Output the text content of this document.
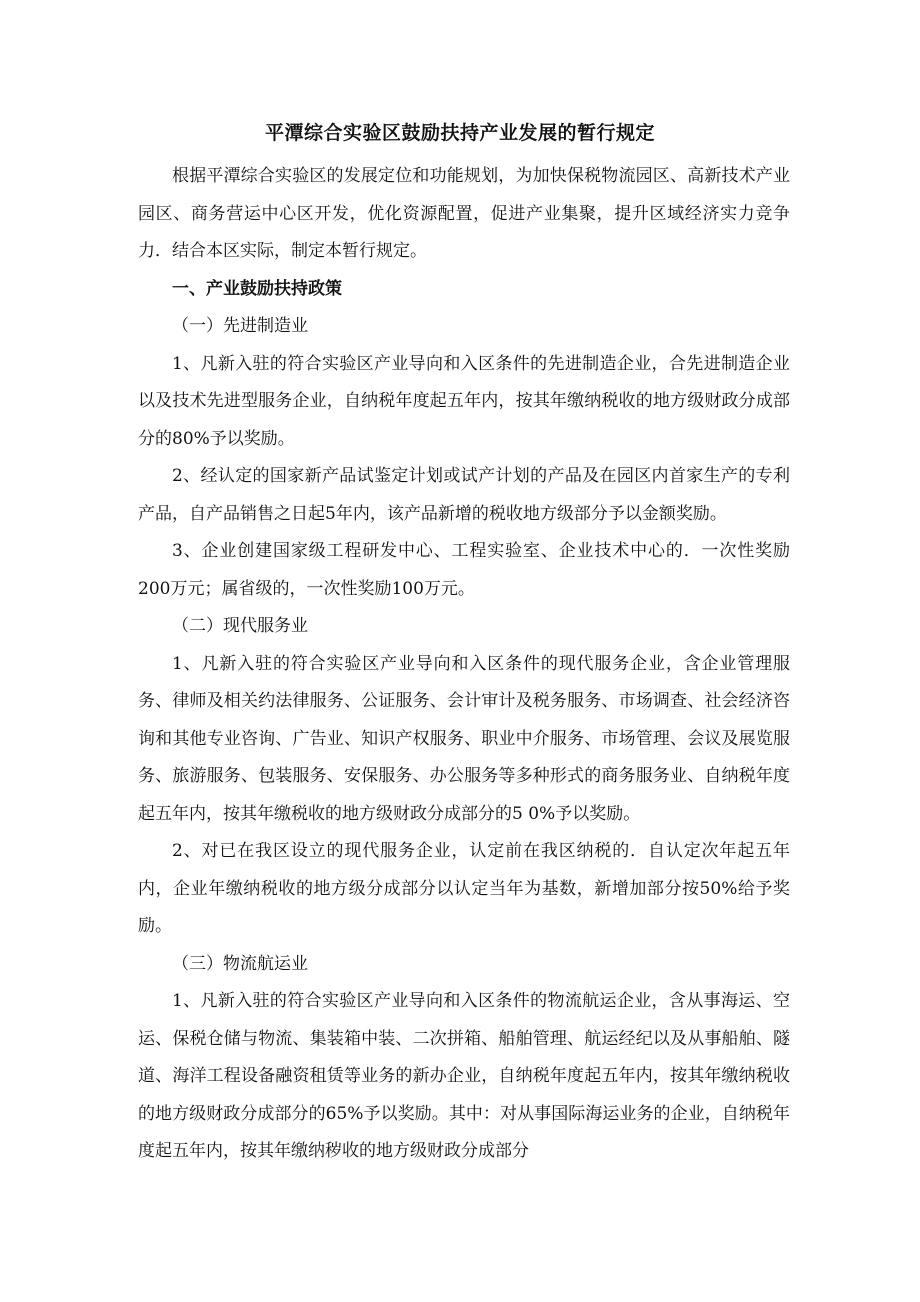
平潭综合实验区鼓励扶持产业发展的暂行规定

根据平潭综合实验区的发展定位和功能规划，为加快保税物流园区、高新技术产业园区、商务营运中心区开发，优化资源配置，促进产业集聚，提升区域经济实力竞争力．结合本区实际，制定本暂行规定。

一、产业鼓励扶持政策

（一）先进制造业

1、凡新入驻的符合实验区产业导向和入区条件的先进制造企业，合先进制造企业以及技术先进型服务企业，自纳税年度起五年内，按其年缴纳税收的地方级财政分成部分的80%予以奖励。

2、经认定的国家新产品试鉴定计划或试产计划的产品及在园区内首家生产的专利产品，自产品销售之日起5年内，该产品新增的税收地方级部分予以金额奖励。

3、企业创建国家级工程研发中心、工程实验室、企业技术中心的．一次性奖励200万元；属省级的，一次性奖励100万元。

（二）现代服务业

1、凡新入驻的符合实验区产业导向和入区条件的现代服务企业，含企业管理服务、律师及相关约法律服务、公证服务、会计审计及税务服务、市场调查、社会经济咨询和其他专业咨询、广告业、知识产权服务、职业中介服务、市场管理、会议及展览服务、旅游服务、包装服务、安保服务、办公服务等多种形式的商务服务业、自纳税年度起五年内，按其年缴税收的地方级财政分成部分的5 0%予以奖励。

2、对已在我区设立的现代服务企业，认定前在我区纳税的．自认定次年起五年内，企业年缴纳税收的地方级分成部分以认定当年为基数，新增加部分按50%给予奖励。

（三）物流航运业

1、凡新入驻的符合实验区产业导向和入区条件的物流航运企业，含从事海运、空运、保税仓储与物流、集装箱中装、二次拼箱、船舶管理、航运经纪以及从事船舶、隧道、海洋工程设备融资租赁等业务的新办企业，自纳税年度起五年内，按其年缴纳税收的地方级财政分成部分的65%予以奖励。其中：对从事国际海运业务的企业，自纳税年度起五年内，按其年缴纳秽收的地方级财政分成部分
